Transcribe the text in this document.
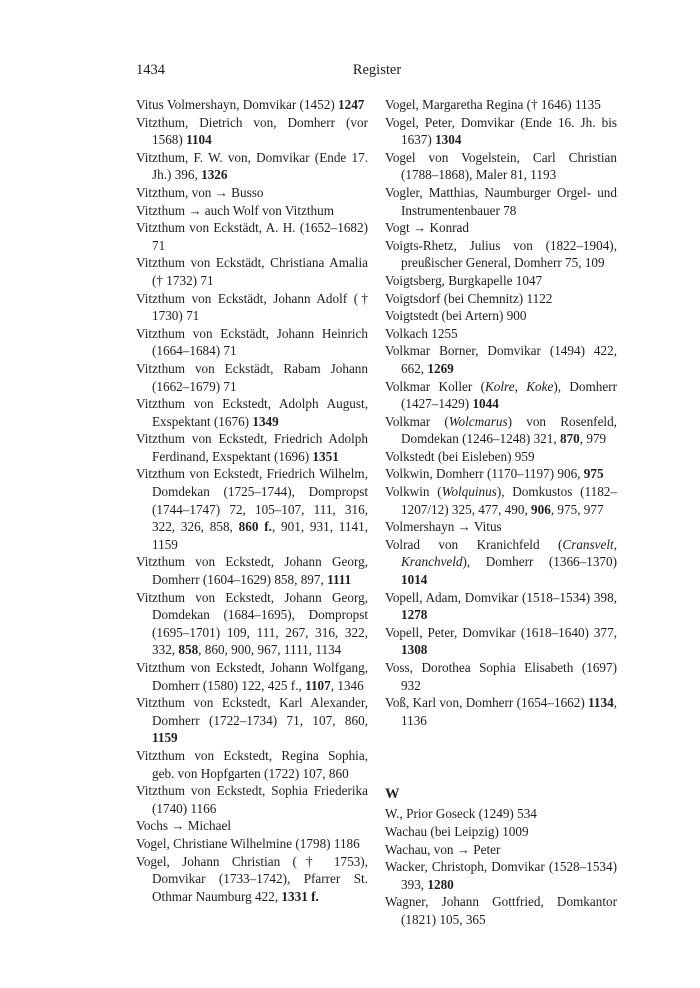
1434	Register

Vitus Volmershayn, Domvikar (1452) 1247

Vitzthum, Dietrich von, Domherr (vor 1568) 1104

Vitzthum, F. W. von, Domvikar (Ende 17. Jh.) 396, 1326

Vitzthum, von → Busso

Vitzthum → auch Wolf von Vitzthum

Vitzthum von Eckstädt, A. H. (1652–1682) 71

Vitzthum von Eckstädt, Christiana Amalia († 1732) 71

Vitzthum von Eckstädt, Johann Adolf († 1730) 71

Vitzthum von Eckstädt, Johann Heinrich (1664–1684) 71

Vitzthum von Eckstädt, Rabam Johann (1662–1679) 71

Vitzthum von Eckstedt, Adolph August, Exspektant (1676) 1349

Vitzthum von Eckstedt, Friedrich Adolph Ferdinand, Exspektant (1696) 1351

Vitzthum von Eckstedt, Friedrich Wilhelm, Domdekan (1725–1744), Dompropst (1744–1747) 72, 105–107, 111, 316, 322, 326, 858, 860 f., 901, 931, 1141, 1159

Vitzthum von Eckstedt, Johann Georg, Domherr (1604–1629) 858, 897, 1111

Vitzthum von Eckstedt, Johann Georg, Domdekan (1684–1695), Dompropst (1695–1701) 109, 111, 267, 316, 322, 332, 858, 860, 900, 967, 1111, 1134

Vitzthum von Eckstedt, Johann Wolfgang, Domherr (1580) 122, 425 f., 1107, 1346

Vitzthum von Eckstedt, Karl Alexander, Domherr (1722–1734) 71, 107, 860, 1159

Vitzthum von Eckstedt, Regina Sophia, geb. von Hopfgarten (1722) 107, 860

Vitzthum von Eckstedt, Sophia Friederika (1740) 1166

Vochs → Michael

Vogel, Christiane Wilhelmine (1798) 1186

Vogel, Johann Christian († 1753), Domvikar (1733–1742), Pfarrer St. Othmar Naumburg 422, 1331 f.

Vogel, Margaretha Regina († 1646) 1135

Vogel, Peter, Domvikar (Ende 16. Jh. bis 1637) 1304

Vogel von Vogelstein, Carl Christian (1788–1868), Maler 81, 1193

Vogler, Matthias, Naumburger Orgel- und Instrumentenbauer 78

Vogt → Konrad

Voigts-Rhetz, Julius von (1822–1904), preußischer General, Domherr 75, 109

Voigtsberg, Burgkapelle 1047

Voigtsdorf (bei Chemnitz) 1122

Voigtstedt (bei Artern) 900

Volkach 1255

Volkmar Borner, Domvikar (1494) 422, 662, 1269

Volkmar Koller (Kolre, Koke), Domherr (1427–1429) 1044

Volkmar (Wolcmarus) von Rosenfeld, Domdekan (1246–1248) 321, 870, 979

Volkstedt (bei Eisleben) 959

Volkwin, Domherr (1170–1197) 906, 975

Volkwin (Wolquinus), Domkustos (1182–1207/12) 325, 477, 490, 906, 975, 977

Volmershayn → Vitus

Volrad von Kranichfeld (Cransvelt, Kranchveld), Domherr (1366–1370) 1014

Vopell, Adam, Domvikar (1518–1534) 398, 1278

Vopell, Peter, Domvikar (1618–1640) 377, 1308

Voss, Dorothea Sophia Elisabeth (1697) 932

Voß, Karl von, Domherr (1654–1662) 1134, 1136

W

W., Prior Goseck (1249) 534

Wachau (bei Leipzig) 1009

Wachau, von → Peter

Wacker, Christoph, Domvikar (1528–1534) 393, 1280

Wagner, Johann Gottfried, Domkantor (1821) 105, 365
